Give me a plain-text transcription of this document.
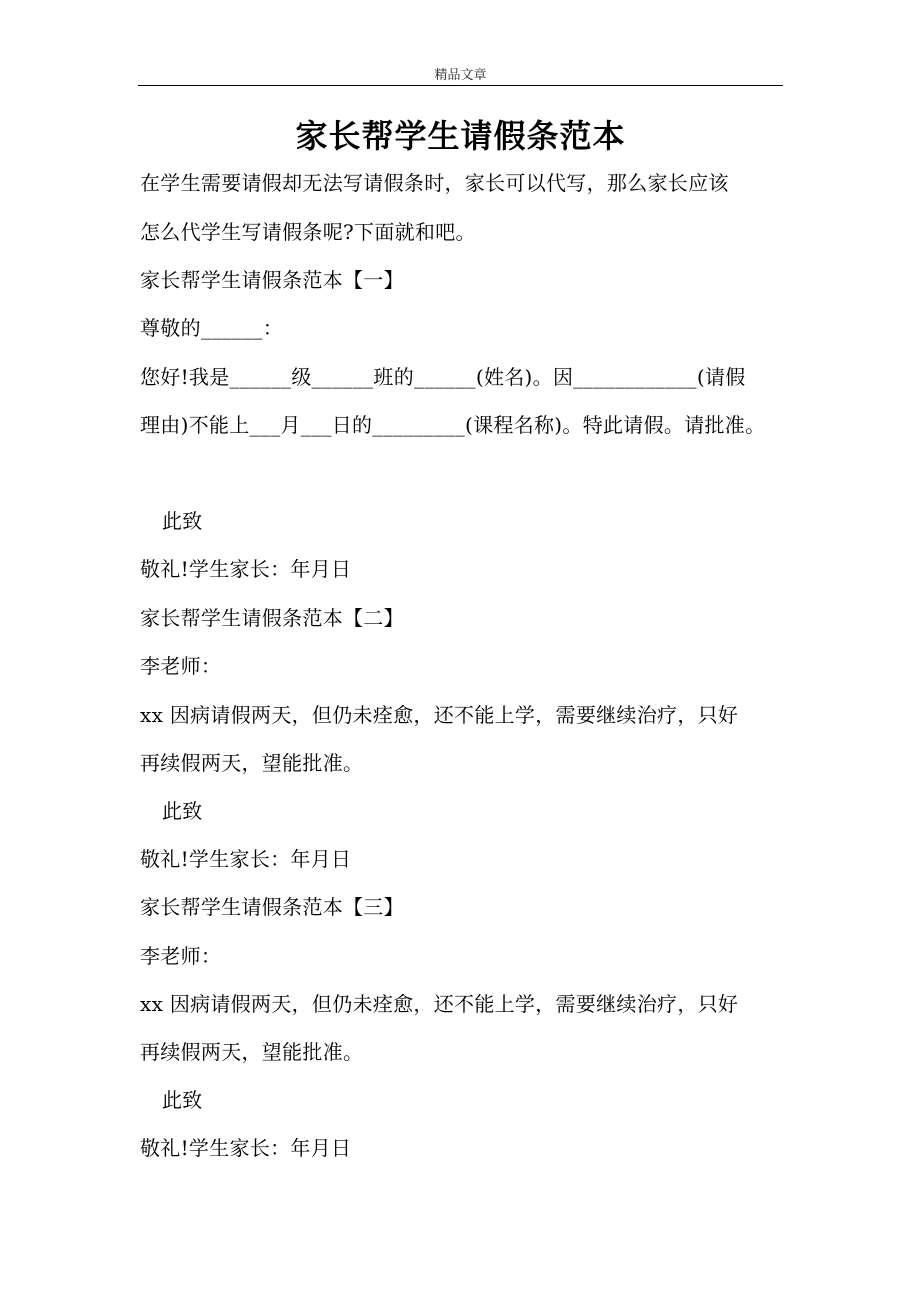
精品文章
家长帮学生请假条范本
在学生需要请假却无法写请假条时，家长可以代写，那么家长应该
怎么代学生写请假条呢?下面就和吧。
家长帮学生请假条范本【一】
尊敬的______：
您好!我是______级______班的______(姓名)。因____________(请假
理由)不能上___月___日的_________(课程名称)。特此请假。请批准。
此致
敬礼!学生家长：年月日
家长帮学生请假条范本【二】
李老师：
xx 因病请假两天，但仍未痊愈，还不能上学，需要继续治疗，只好
再续假两天，望能批准。
此致
敬礼!学生家长：年月日
家长帮学生请假条范本【三】
李老师：
xx 因病请假两天，但仍未痊愈，还不能上学，需要继续治疗，只好
再续假两天，望能批准。
此致
敬礼!学生家长：年月日
